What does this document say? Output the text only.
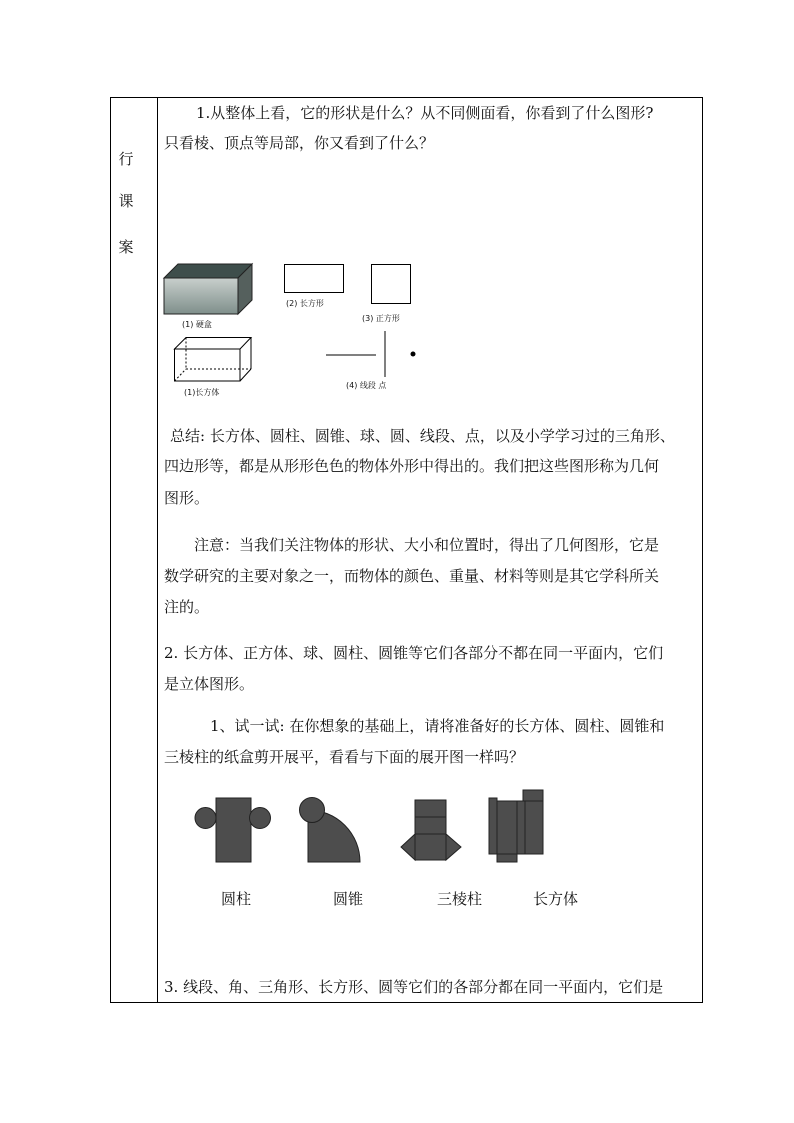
行
课
案
1.从整体上看，它的形状是什么？从不同侧面看，你看到了什么图形?
只看棱、顶点等局部，你又看到了什么？
(1) 硬盒
(2) 长方形
(3) 正方形
(1)长方体
(4) 线段 点
总结: 长方体、圆柱、圆锥、球、圆、线段、点，以及小学学习过的三角形、
四边形等，都是从形形色色的物体外形中得出的。我们把这些图形称为几何
图形。
注意：当我们关注物体的形状、大小和位置时，得出了几何图形，它是
数学研究的主要对象之一，而物体的颜色、重量、材料等则是其它学科所关
注的。
2. 长方体、正方体、球、圆柱、圆锥等它们各部分不都在同一平面内，它们
是立体图形。
1、试一试: 在你想象的基础上，请将准备好的长方体、圆柱、圆锥和
三棱柱的纸盒剪开展平，看看与下面的展开图一样吗？
圆柱	圆锥	三棱柱	长方体
3. 线段、角、三角形、长方形、圆等它们的各部分都在同一平面内，它们是
